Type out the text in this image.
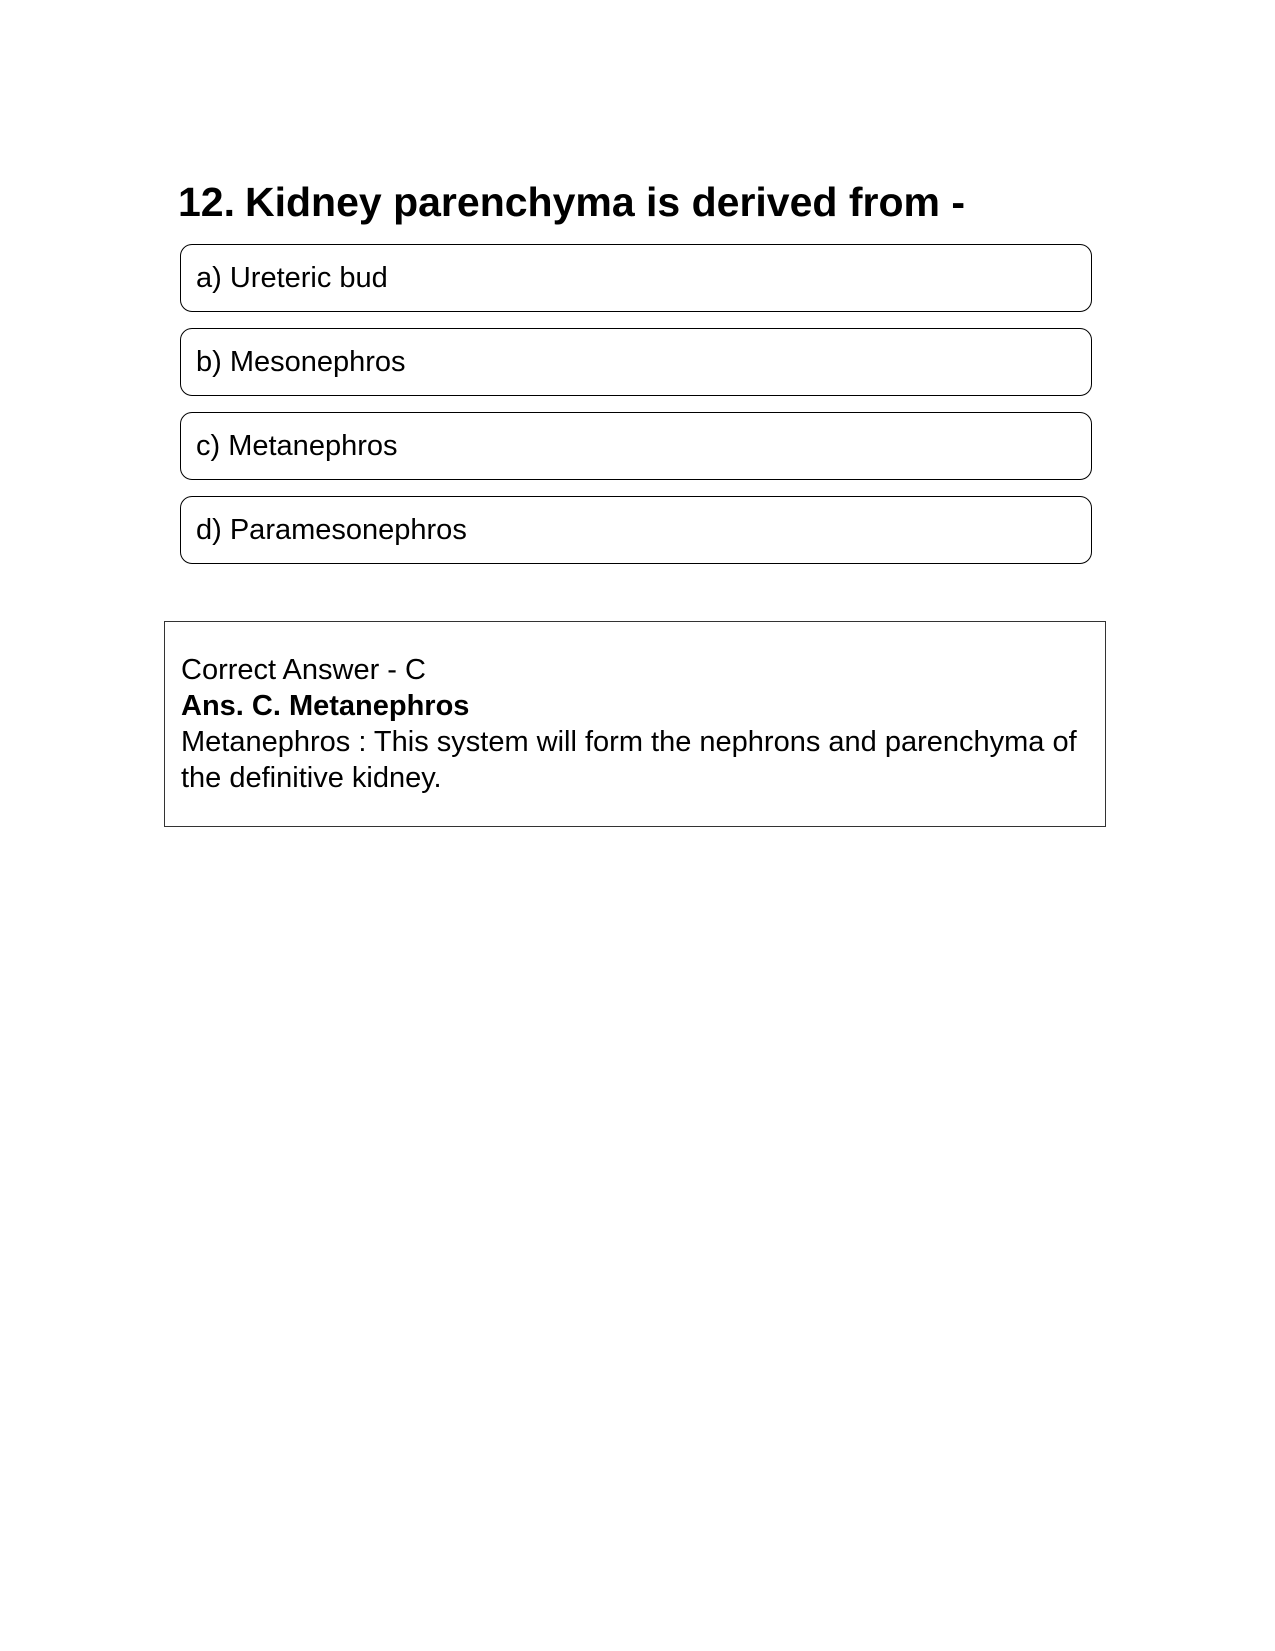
12. Kidney parenchyma is derived from -
a) Ureteric bud
b) Mesonephros
c) Metanephros
d) Paramesonephros
Correct Answer - C
Ans. C. Metanephros
Metanephros : This system will form the nephrons and parenchyma of the definitive kidney.
